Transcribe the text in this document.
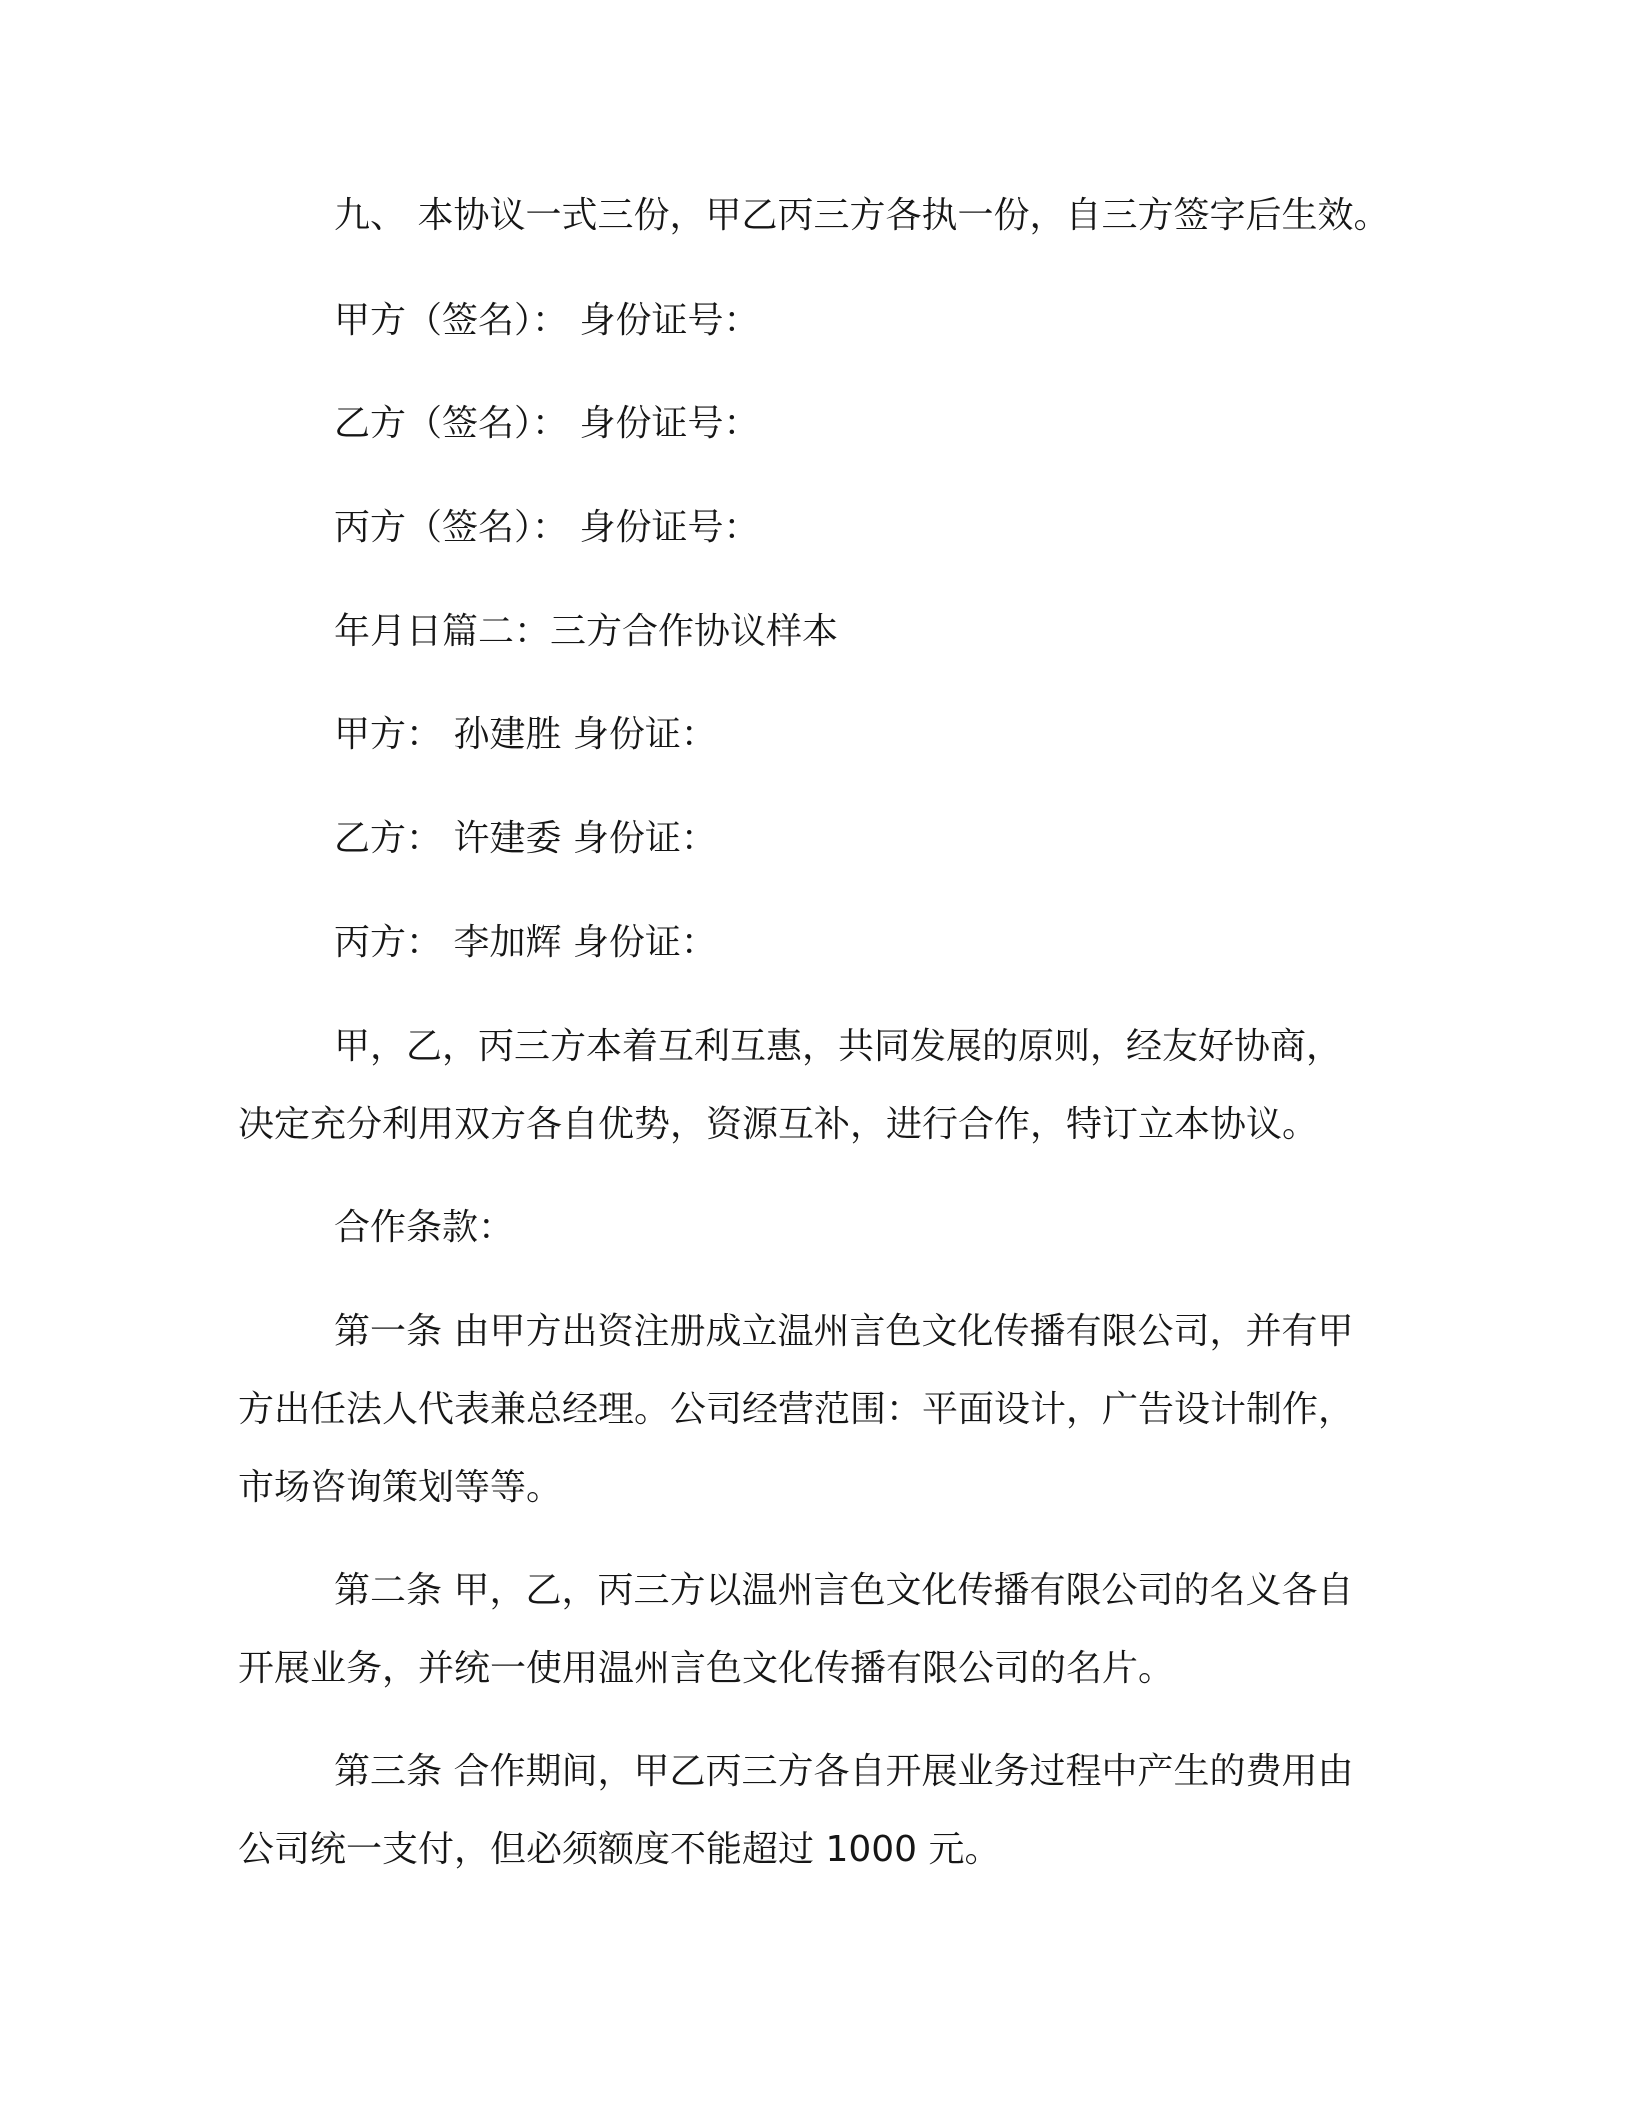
九、 本协议一式三份，甲乙丙三方各执一份，自三方签字后生效。

甲方（签名）： 身份证号：

乙方（签名）： 身份证号：

丙方（签名）： 身份证号：

年月日篇二：三方合作协议样本

甲方： 孙建胜 身份证：

乙方： 许建委 身份证：

丙方： 李加辉 身份证：

甲，乙，丙三方本着互利互惠，共同发展的原则，经友好协商，
决定充分利用双方各自优势，资源互补，进行合作，特订立本协议。

合作条款：

第一条 由甲方出资注册成立温州言色文化传播有限公司，并有甲
方出任法人代表兼总经理。公司经营范围：平面设计，广告设计制作，
市场咨询策划等等。
第二条 甲，乙，丙三方以温州言色文化传播有限公司的名义各自
开展业务，并统一使用温州言色文化传播有限公司的名片。
第三条 合作期间，甲乙丙三方各自开展业务过程中产生的费用由
公司统一支付，但必须额度不能超过 1000 元。
